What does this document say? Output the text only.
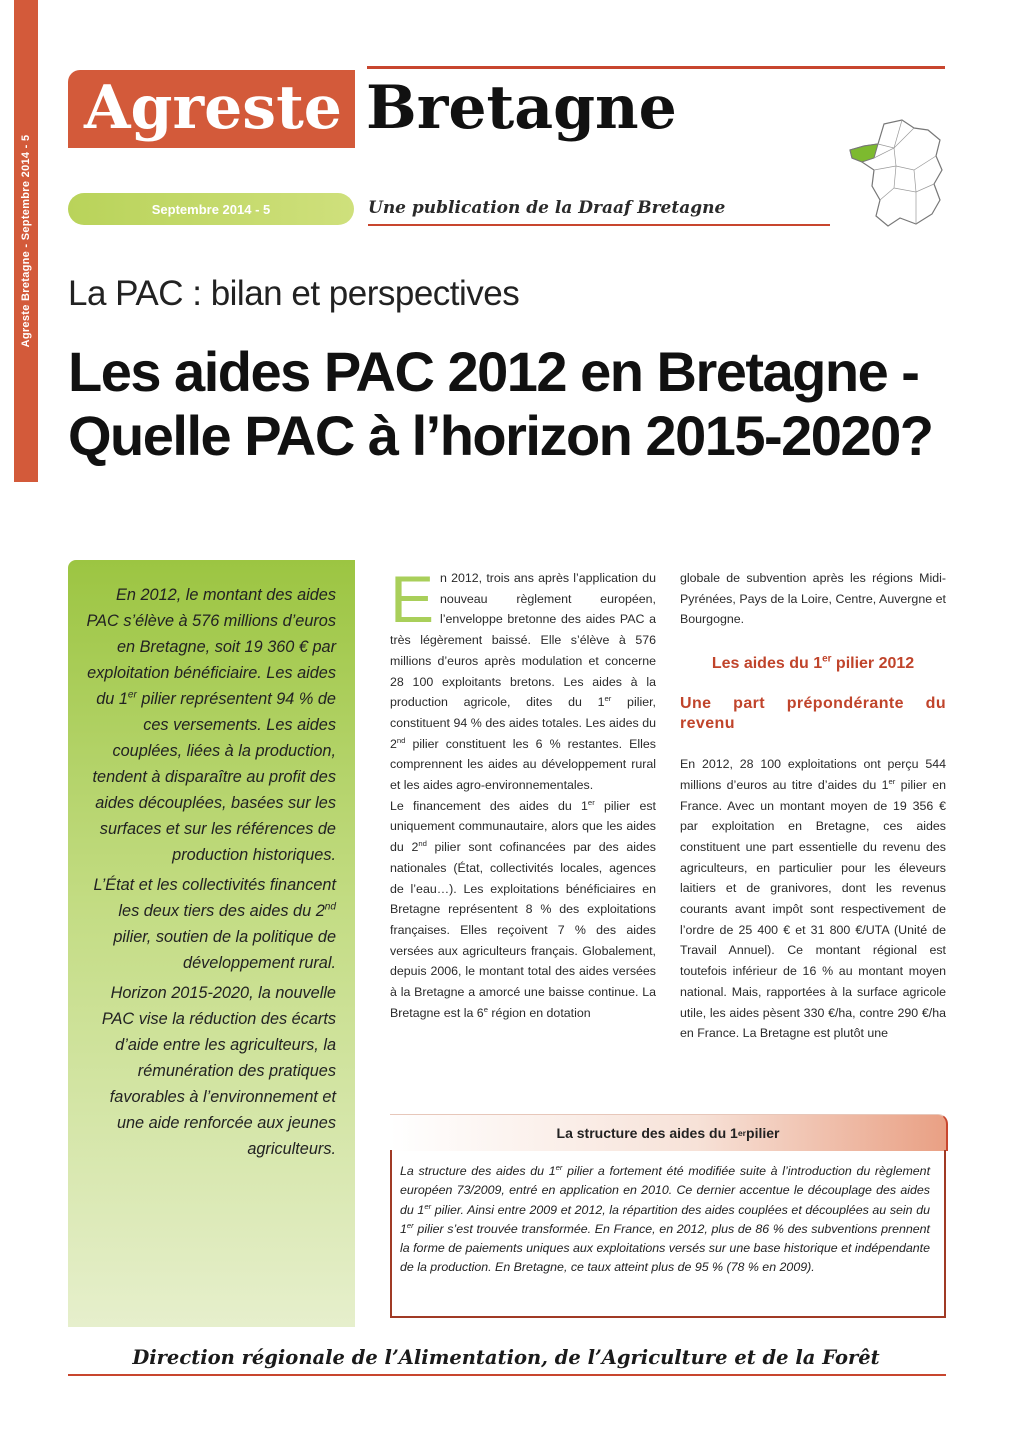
Agreste Bretagne - Septembre 2014 - 5
Agreste Bretagne
Septembre 2014 - 5	Une publication de la Draaf Bretagne
La PAC : bilan et perspectives
Les aides PAC 2012 en Bretagne -
Quelle PAC à l’horizon 2015-2020?

En 2012, le montant des aides PAC s’élève à 576 millions d’euros en Bretagne, soit 19 360 € par exploitation bénéficiaire. Les aides du 1er pilier représentent 94 % de ces versements. Les aides couplées, liées à la production, tendent à disparaître au profit des aides découplées, basées sur les surfaces et sur les références de production historiques.

L’État et les collectivités financent les deux tiers des aides du 2nd pilier, soutien de la politique de développement rural.

Horizon 2015-2020, la nouvelle PAC vise la réduction des écarts d’aide entre les agriculteurs, la rémunération des pratiques favorables à l’environnement et une aide renforcée aux jeunes agriculteurs.

E n 2012, trois ans après l’application du nouveau règlement européen, l’enveloppe bretonne des aides PAC a très légèrement baissé. Elle s’élève à 576 millions d’euros après modulation et concerne 28 100 exploitants bretons. Les aides à la production agricole, dites du 1er pilier, constituent 94 % des aides totales. Les aides du 2nd pilier constituent les 6 % restantes. Elles comprennent les aides au développement rural et les aides agro-environnementales.

Le financement des aides du 1er pilier est uniquement communautaire, alors que les aides du 2nd pilier sont cofinancées par des aides nationales (État, collectivités locales, agences de l’eau…). Les exploitations bénéficiaires en Bretagne représentent 8 % des exploitations françaises. Elles reçoivent 7 % des aides versées aux agriculteurs français. Globalement, depuis 2006, le montant total des aides versées à la Bretagne a amorcé une baisse continue. La Bretagne est la 6e région en dotation

globale de subvention après les régions Midi-Pyrénées, Pays de la Loire, Centre, Auvergne et Bourgogne.

Les aides du 1er pilier 2012
Une part prépondérante du revenu

En 2012, 28 100 exploitations ont perçu 544 millions d’euros au titre d’aides du 1er pilier en France. Avec un montant moyen de 19 356 € par exploitation en Bretagne, ces aides constituent une part essentielle du revenu des agriculteurs, en particulier pour les éleveurs laitiers et de granivores, dont les revenus courants avant impôt sont respectivement de l’ordre de 25 400 € et 31 800 €/UTA (Unité de Travail Annuel). Ce montant régional est toutefois inférieur de 16 % au montant moyen national. Mais, rapportées à la surface agricole utile, les aides pèsent 330 €/ha, contre 290 €/ha en France. La Bretagne est plutôt une

La structure des aides du 1 er pilier
La structure des aides du 1er pilier a fortement été modifiée suite à l’introduction du règlement européen 73/2009, entré en application en 2010. Ce dernier accentue le découplage des aides du 1er pilier. Ainsi entre 2009 et 2012, la répartition des aides couplées et découplées au sein du 1er pilier s’est trouvée transformée. En France, en 2012, plus de 86 % des subventions prennent la forme de paiements uniques aux exploitations versés sur une base historique et indépendante de la production. En Bretagne, ce taux atteint plus de 95 % (78 % en 2009).
Direction régionale de l’Alimentation, de l’Agriculture et de la Forêt
